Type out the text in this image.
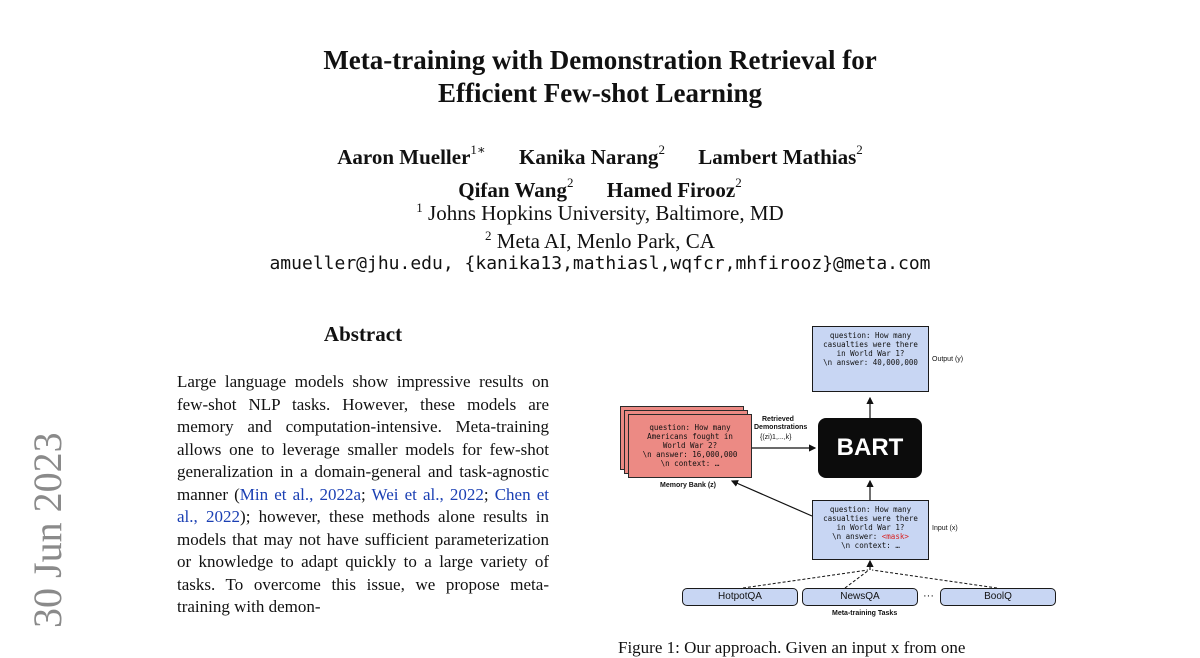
Meta-training with Demonstration Retrieval for
Efficient Few-shot Learning
Aaron Mueller$^{1∗}$ Kanika Narang$^2$ Lambert Mathias$^2$
Qifan Wang$^2$ Hamed Firooz$^2$
$^1$ Johns Hopkins University, Baltimore, MD
$^2$ Meta AI, Menlo Park, CA
amueller@jhu.edu, {kanika13,mathiasl,wqfcr,mhfirooz}@meta.com
30 Jun 2023
Abstract
Large language models show impressive results on few-shot NLP tasks. However, these models are memory and computation-intensive. Meta-training allows one to leverage smaller models for few-shot generalization in a domain-general and task-agnostic manner (Min et al., 2022a; Wei et al., 2022; Chen et al., 2022); however, these methods alone results in models that may not have sufficient parameterization or knowledge to adapt quickly to a large variety of tasks. To overcome this issue, we propose meta-training with demon-
question: How many
casualties were there
in World War 1?
\n answer: 40,000,000	Output (y)
question: How many
Americans fought in
World War 2?
\n answer: 16,000,000
\n context: …
Memory Bank (z)
Retrieved
Demonstrations
{(zi)1,...,k}	BART
question: How many
casualties were there
in World War 1?
\n answer: <mask>
\n context: …
Input (x)
HotpotQA	NewsQA	···	BoolQ
Meta-training Tasks
Figure 1: Our approach. Given an input x from one
